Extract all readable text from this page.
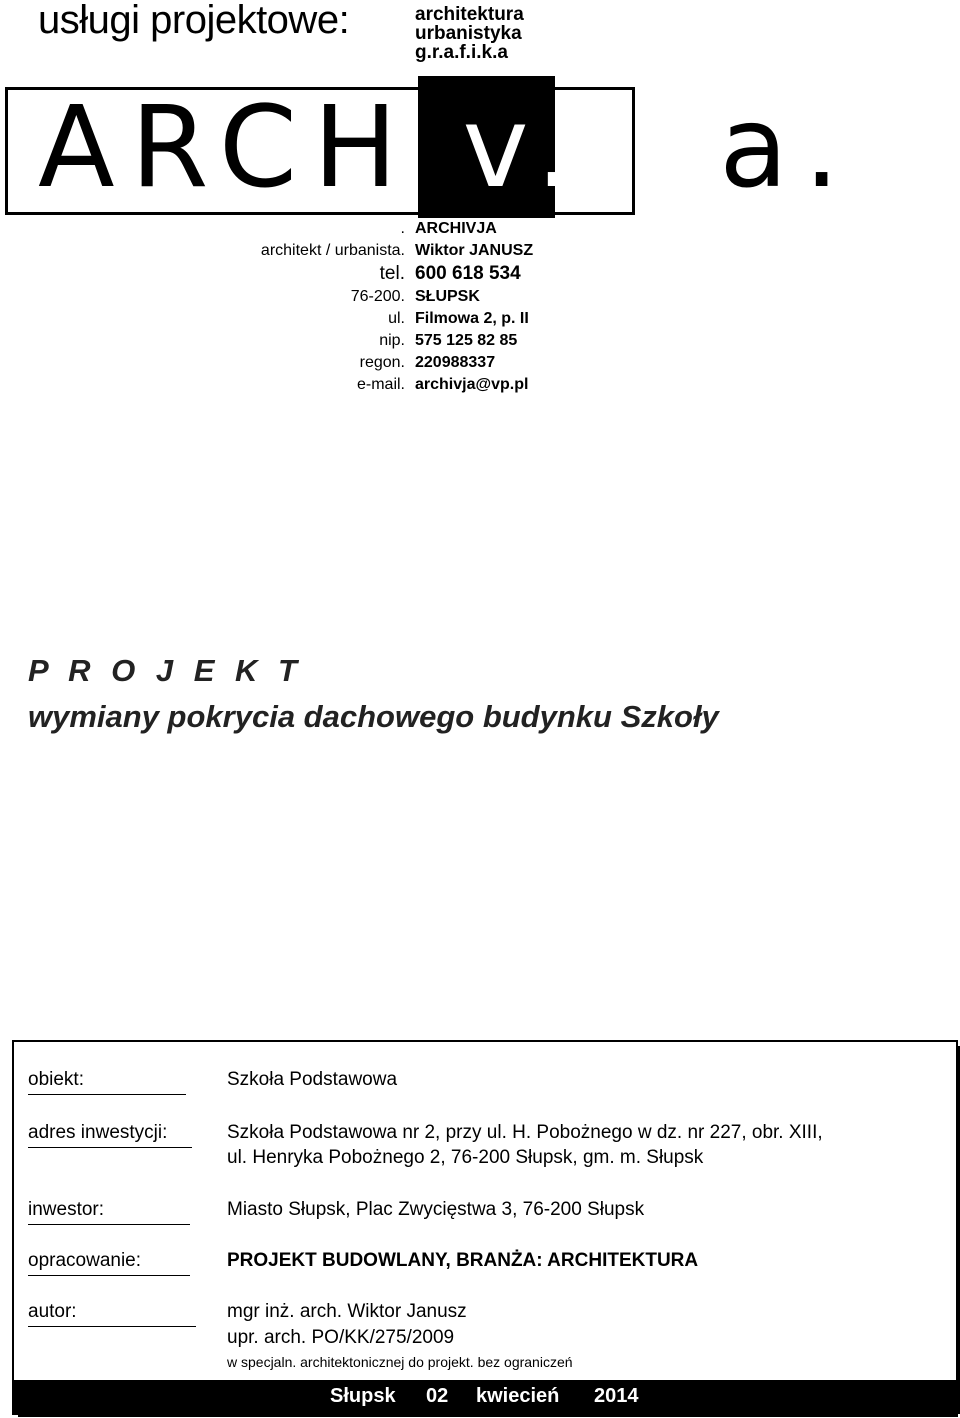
usługi projektowe:	architektura
urbanistyka
g.r.a.f.i.k.a
ARCHIv.jaa.
. ARCHIVJA
architekt / urbanista. Wiktor JANUSZ
tel. 600 618 534
76-200. SŁUPSK
ul. Filmowa 2, p. II
nip. 575 125 82 85
regon. 220988337
e-mail. archivja@vp.pl
P R O J E K T
wymiany pokrycia dachowego budynku Szkoły
obiekt:	Szkoła Podstawowa
adres inwestycji:	Szkoła Podstawowa nr 2, przy ul. H. Pobożnego w dz. nr 227, obr. XIII,
ul. Henryka Pobożnego 2, 76-200 Słupsk, gm. m. Słupsk
inwestor:	Miasto Słupsk, Plac Zwycięstwa 3, 76-200 Słupsk
opracowanie:	PROJEKT BUDOWLANY, BRANŻA: ARCHITEKTURA
autor:	mgr inż. arch. Wiktor Janusz
upr. arch. PO/KK/275/2009
w specjaln. architektonicznej do projekt. bez ograniczeń
Słupsk 02 kwiecień 2014
